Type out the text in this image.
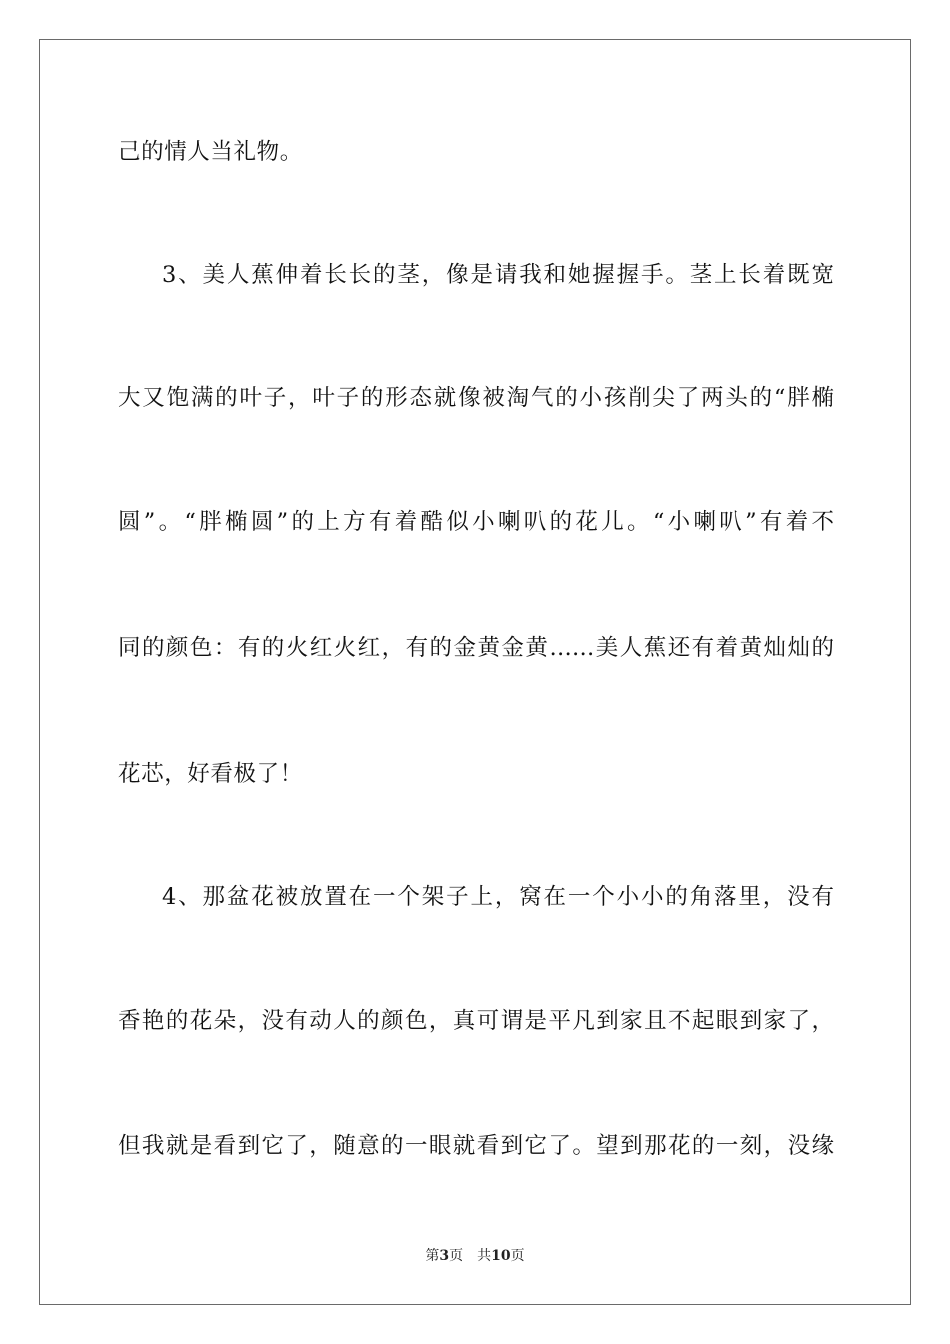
己的情人当礼物。
3、美人蕉伸着长长的茎，像是请我和她握握手。茎上长着既宽
大又饱满的叶子，叶子的形态就像被淘气的小孩削尖了两头的“胖椭
圆”。“胖椭圆”的上方有着酷似小喇叭的花儿。“小喇叭”有着不
同的颜色：有的火红火红，有的金黄金黄……美人蕉还有着黄灿灿的
花芯，好看极了！
4、那盆花被放置在一个架子上，窝在一个小小的角落里，没有
香艳的花朵，没有动人的颜色，真可谓是平凡到家且不起眼到家了，
但我就是看到它了，随意的一眼就看到它了。望到那花的一刻，没缘
第3页 共10页
